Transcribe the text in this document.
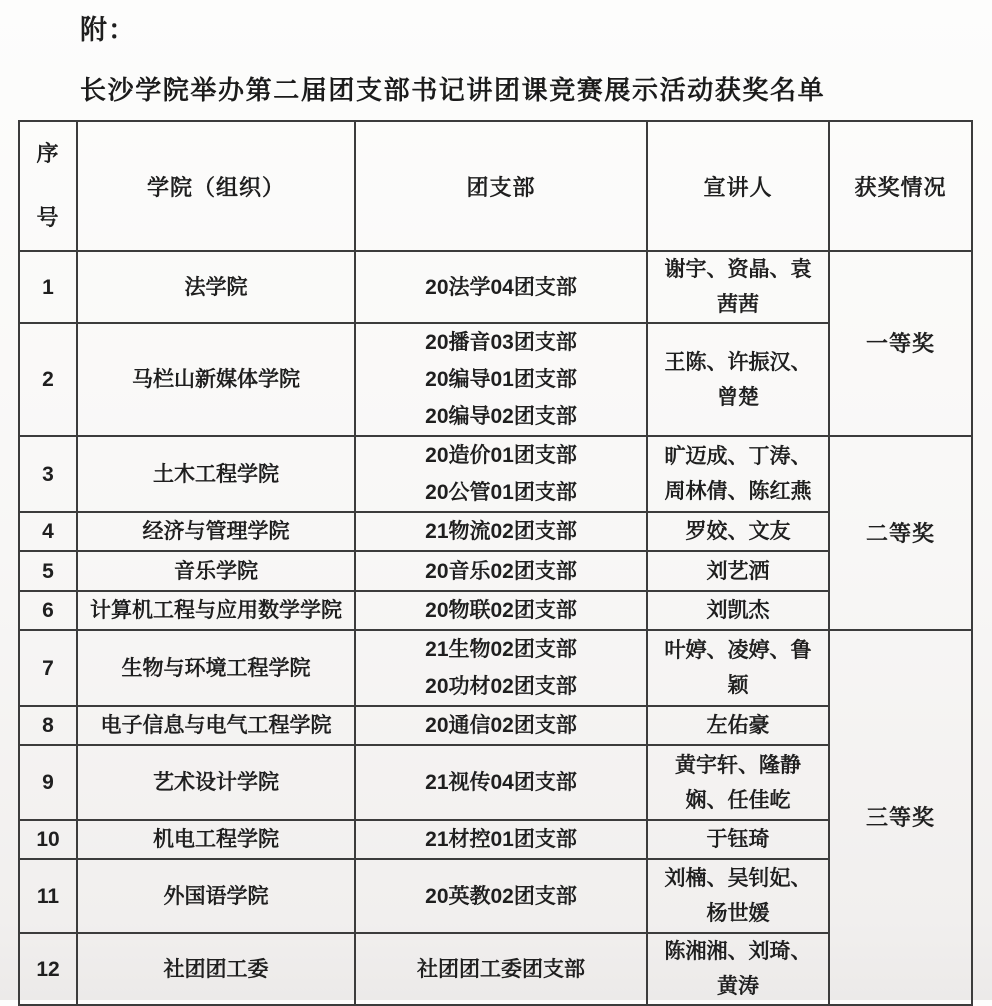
附：
长沙学院举办第二届团支部书记讲团课竞赛展示活动获奖名单
序号	学院（组织）	团支部	宣讲人	获奖情况
1	法学院	20法学04团支部	谢宇、资晶、袁茜茜	一等奖
2	马栏山新媒体学院	20播音03团支部
20编导01团支部
20编导02团支部	王陈、许振汉、曾楚	
3	土木工程学院	20造价01团支部
20公管01团支部	旷迈成、丁涛、周林倩、陈红燕	二等奖
4	经济与管理学院	21物流02团支部	罗姣、文友	
5	音乐学院	20音乐02团支部	刘艺洒	
6	计算机工程与应用数学学院	20物联02团支部	刘凯杰	
7	生物与环境工程学院	21生物02团支部
20功材02团支部	叶婷、凌婷、鲁颖	三等奖
8	电子信息与电气工程学院	20通信02团支部	左佑豪	
9	艺术设计学院	21视传04团支部	黄宇轩、隆静娴、任佳屹	
10	机电工程学院	21材控01团支部	于钰琦	
11	外国语学院	20英教02团支部	刘楠、吴钊妃、杨世媛	
12	社团团工委	社团团工委团支部	陈湘湘、刘琦、黄涛	
